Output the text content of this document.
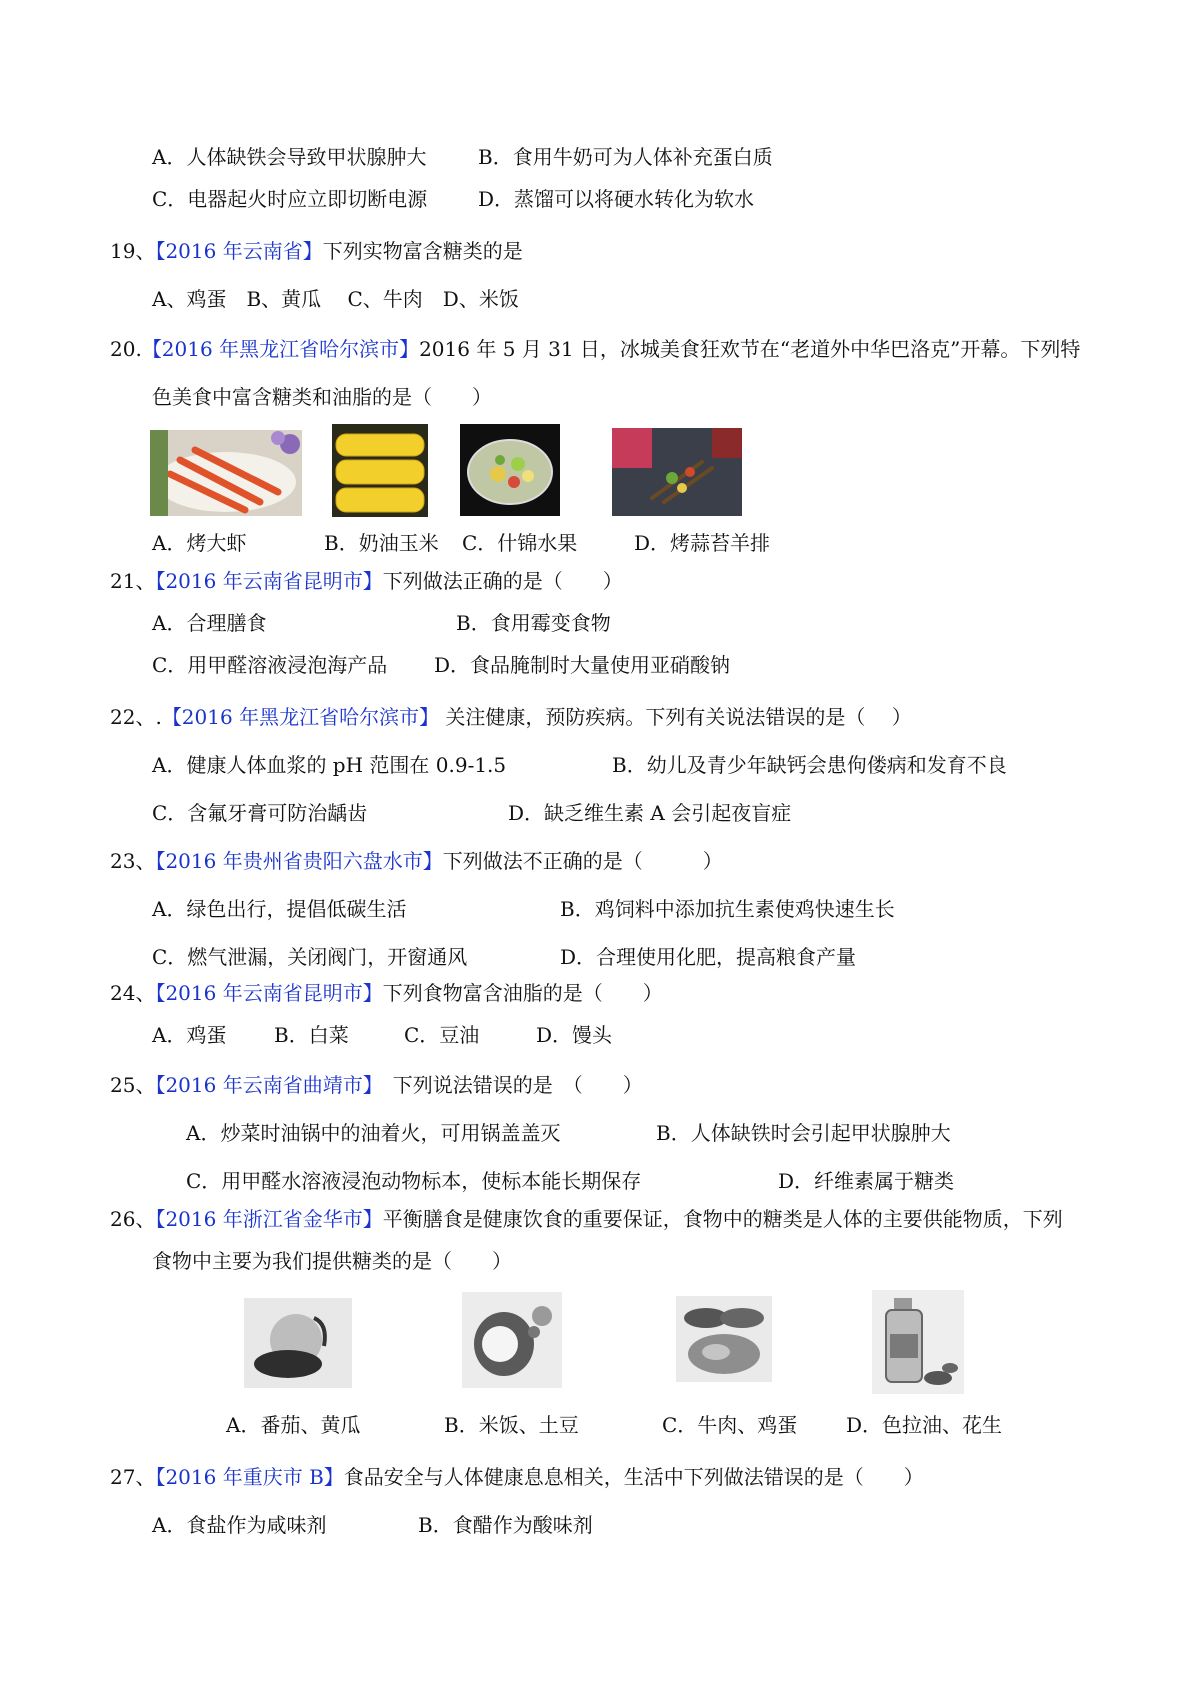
A．人体缺铁会导致甲状腺肿大	B．食用牛奶可为人体补充蛋白质
C．电器起火时应立即切断电源	D．蒸馏可以将硬水转化为软水
19、【2016 年云南省】下列实物富含糖类的是
A、鸡蛋　B、黄瓜　 C、牛肉　D、米饭
20.【2016 年黑龙江省哈尔滨市】2016 年 5 月 31 日，冰城美食狂欢节在“老道外中华巴洛克”开幕。下列特
色美食中富含糖类和油脂的是（　　）
A．烤大虾	B．奶油玉米 C．什锦水果	D．烤蒜苔羊排
21、【2016 年云南省昆明市】下列做法正确的是（　　）
A．合理膳食	B．食用霉变食物
C．用甲醛溶液浸泡海产品 D．食品腌制时大量使用亚硝酸钠
22、.【2016 年黑龙江省哈尔滨市】 关注健康，预防疾病。下列有关说法错误的是（　 ）
A．健康人体血浆的 pH 范围在 0.9-1.5	B．幼儿及青少年缺钙会患佝偻病和发育不良
C．含氟牙膏可防治龋齿	D．缺乏维生素 A 会引起夜盲症
23、【2016 年贵州省贵阳六盘水市】下列做法不正确的是（　　　）
A．绿色出行，提倡低碳生活	B．鸡饲料中添加抗生素使鸡快速生长
C．燃气泄漏，关闭阀门，开窗通风	D．合理使用化肥，提高粮食产量
24、【2016 年云南省昆明市】下列食物富含油脂的是（　　）
A．鸡蛋 B．白菜	C．豆油	D．馒头
25、【2016 年云南省曲靖市】　下列说法错误的是　（　　）
A．炒菜时油锅中的油着火，可用锅盖盖灭	B．人体缺铁时会引起甲状腺肿大
C．用甲醛水溶液浸泡动物标本，使标本能长期保存	D．纤维素属于糖类
26、【2016 年浙江省金华市】平衡膳食是健康饮食的重要保证，食物中的糖类是人体的主要供能物质，下列
食物中主要为我们提供糖类的是（　　）
A．番茄、黄瓜	B．米饭、土豆	C．牛肉、鸡蛋 D．色拉油、花生
27、【2016 年重庆市 B】食品安全与人体健康息息相关，生活中下列做法错误的是（　　）
A．食盐作为咸味剂	B．食醋作为酸味剂
